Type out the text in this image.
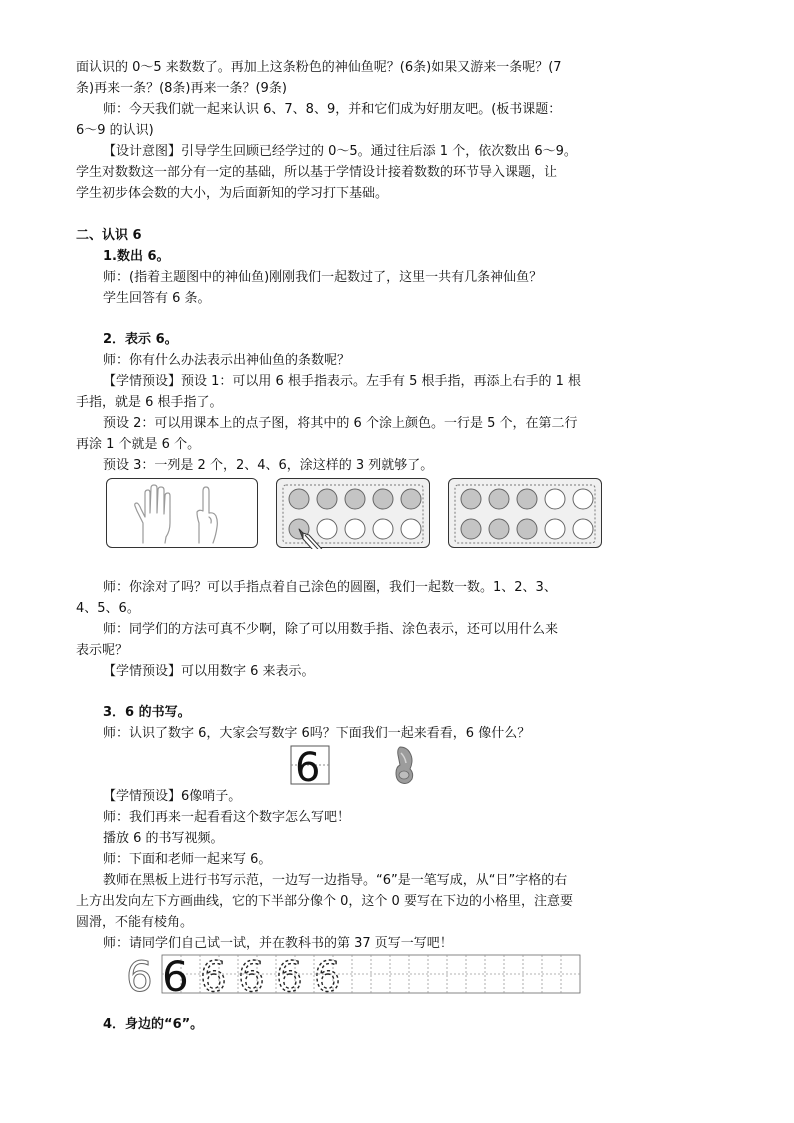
面认识的 0～5 来数数了。再加上这条粉色的神仙鱼呢？(6条)如果又游来一条呢？(7
条)再来一条？(8条)再来一条？(9条)
师：今天我们就一起来认识 6、7、8、9，并和它们成为好朋友吧。(板书课题：
6～9 的认识)
【设计意图】引导学生回顾已经学过的 0～5。通过往后添 1 个，依次数出 6～9。
学生对数数这一部分有一定的基础，所以基于学情设计接着数数的环节导入课题，让
学生初步体会数的大小，为后面新知的学习打下基础。
二、认识 6
1.数出 6。
师：(指着主题图中的神仙鱼)刚刚我们一起数过了，这里一共有几条神仙鱼？
学生回答有 6 条。
2．表示 6。
师：你有什么办法表示出神仙鱼的条数呢？
【学情预设】预设 1：可以用 6 根手指表示。左手有 5 根手指，再添上右手的 1 根
手指，就是 6 根手指了。
预设 2：可以用课本上的点子图，将其中的 6 个涂上颜色。一行是 5 个，在第二行
再涂 1 个就是 6 个。
预设 3：一列是 2 个，2、4、6，涂这样的 3 列就够了。
师：你涂对了吗？可以手指点着自己涂色的圆圈，我们一起数一数。1、2、3、
4、5、6。
师：同学们的方法可真不少啊，除了可以用数手指、涂色表示，还可以用什么来
表示呢？
【学情预设】可以用数字 6 来表示。
3．6 的书写。
师：认识了数字 6，大家会写数字 6吗？下面我们一起来看看，6 像什么？
6
【学情预设】6像哨子。
师：我们再来一起看看这个数字怎么写吧！
播放 6 的书写视频。
师：下面和老师一起来写 6。
教师在黑板上进行书写示范，一边写一边指导。“6”是一笔写成，从“日”字格的右
上方出发向左下方画曲线，它的下半部分像个 0，这个 0 要写在下边的小格里，注意要
圆滑，不能有棱角。
师：请同学们自己试一试，并在教科书的第 37 页写一写吧！
6 6 6 6 6 6
4．身边的“6”。
